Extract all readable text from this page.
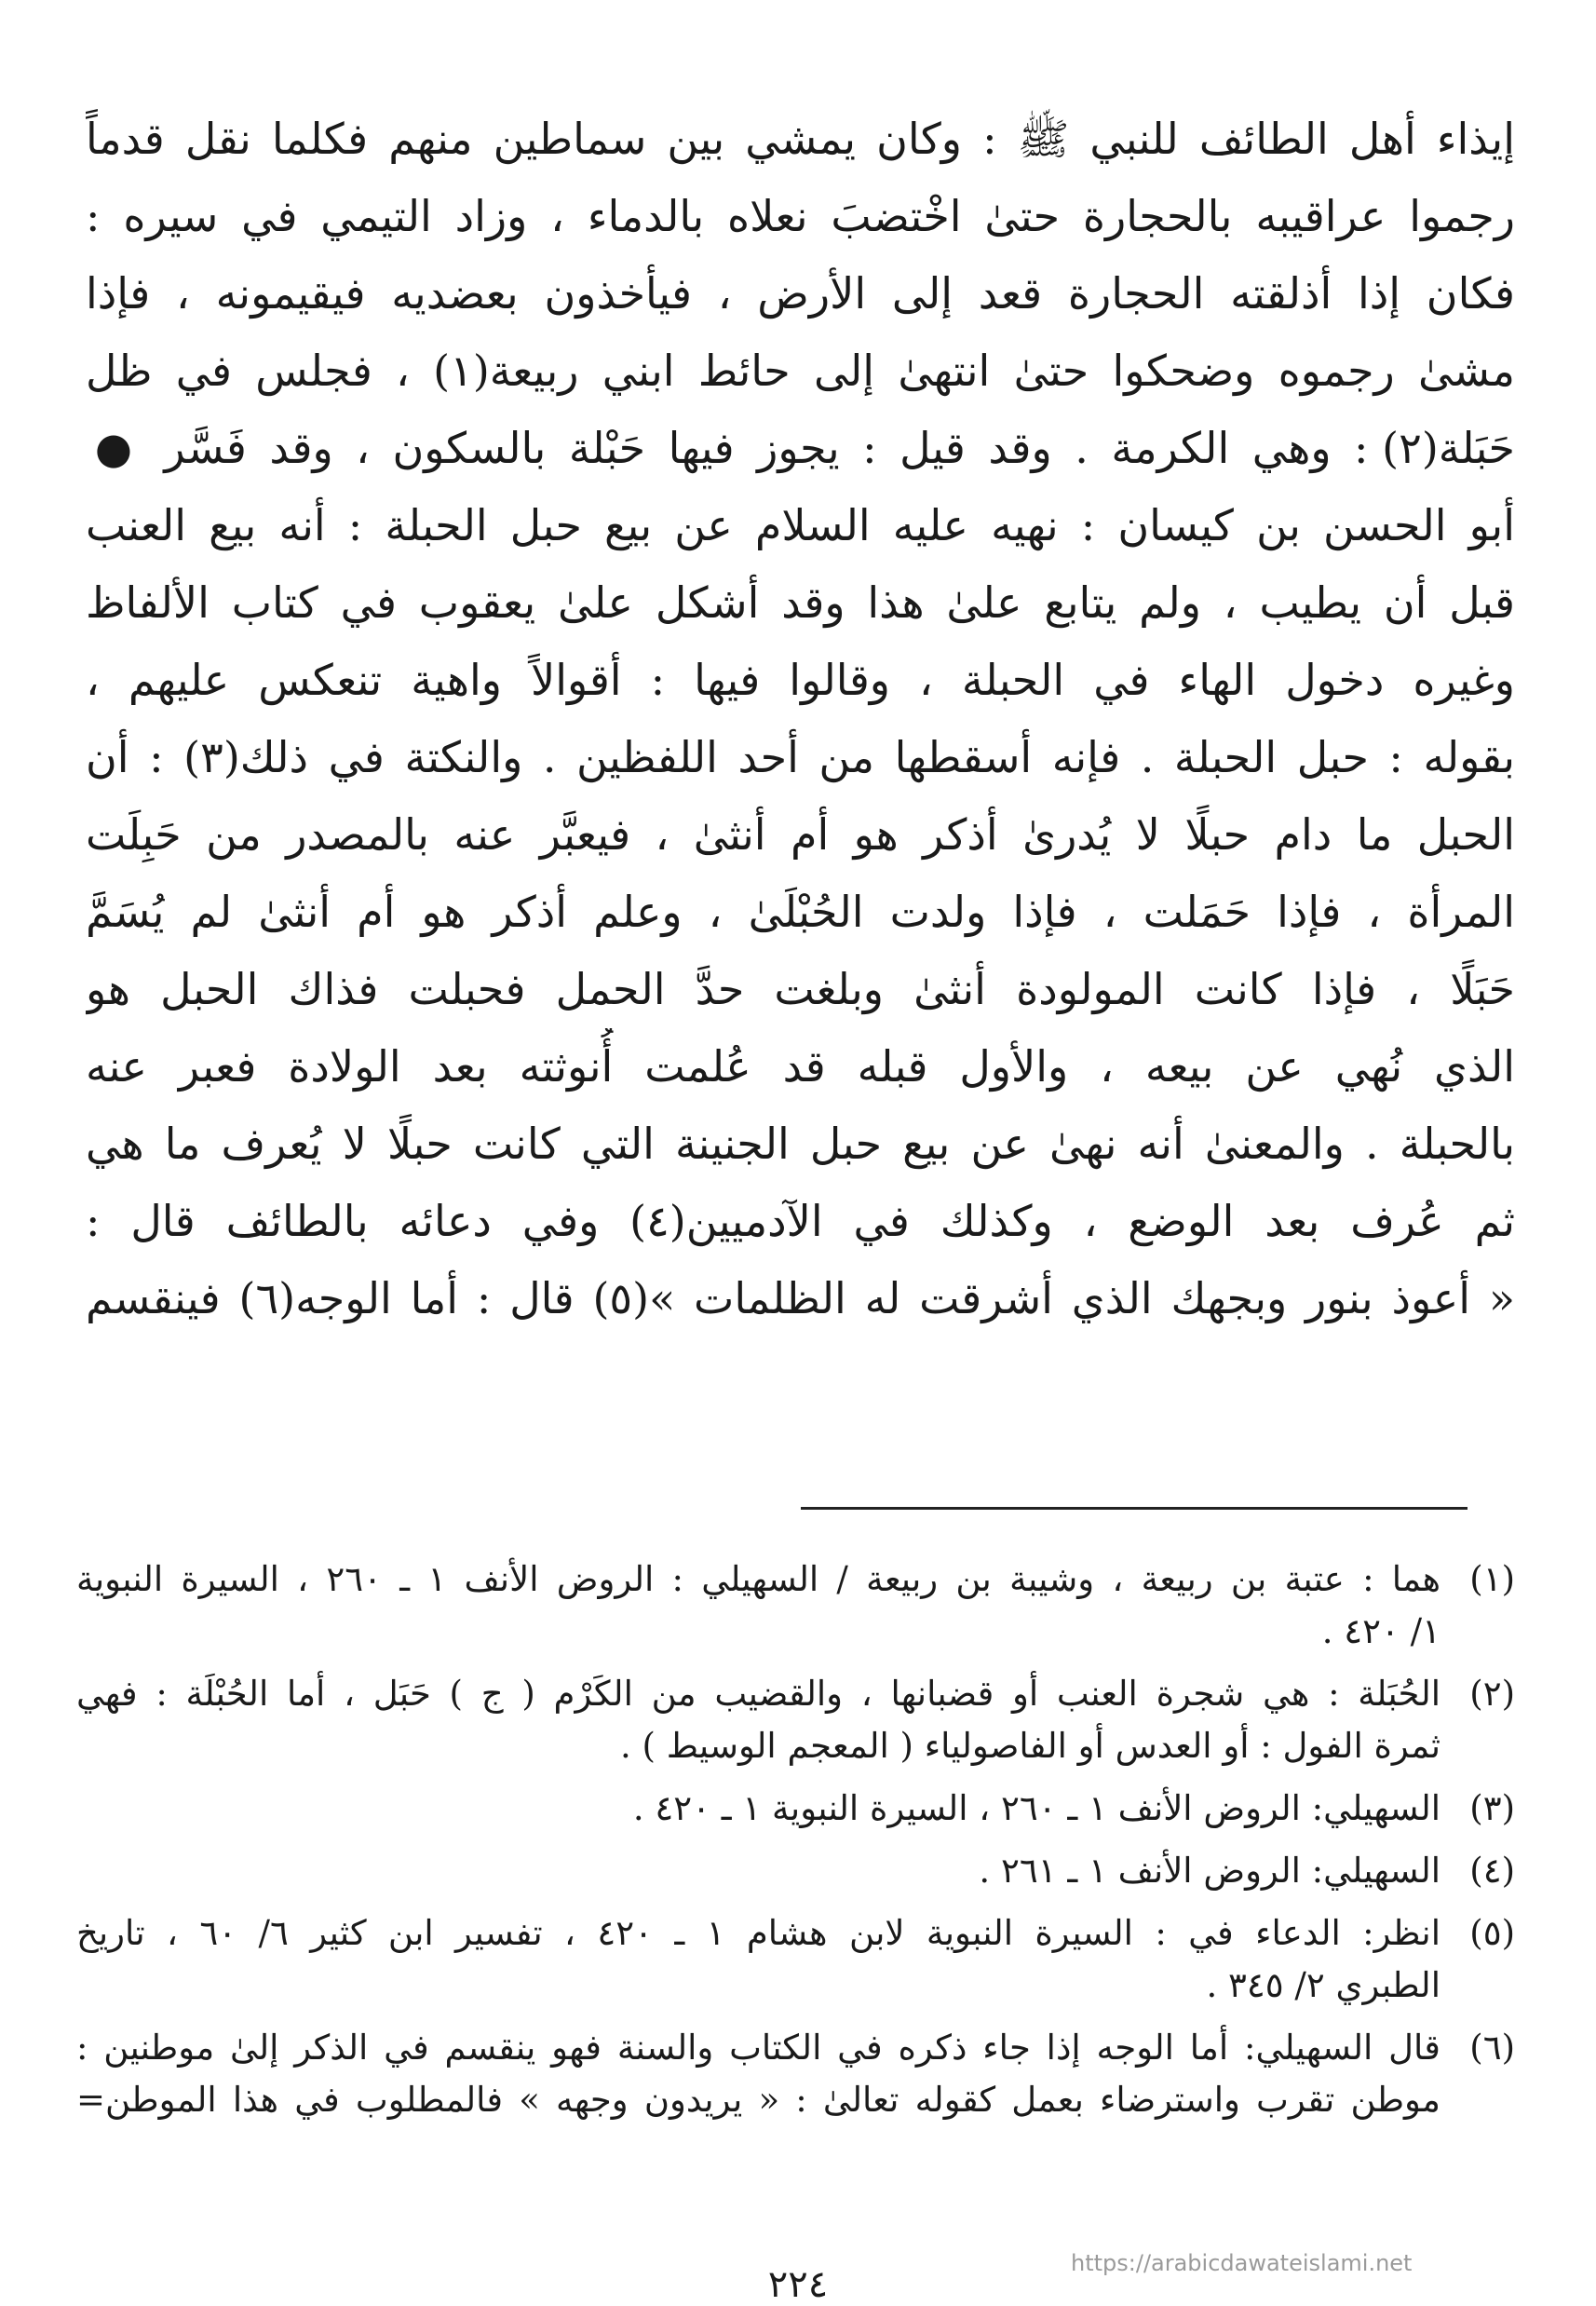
إيذاء أهل الطائف للنبي ﷺ : وكان يمشي بين سماطين منهم فكلما نقل قدماً
رجموا عراقيبه بالحجارة حتىٰ اخْتضبَ نعلاه بالدماء ، وزاد التيمي في سيره :
فكان إذا أذلقته الحجارة قعد إلى الأرض ، فيأخذون بعضديه فيقيمونه ، فإذا
مشىٰ رجموه وضحكوا حتىٰ انتهىٰ إلى حائط ابني ربيعة(١) ، فجلس في ظل
حَبَلة(٢) : وهي الكرمة . وقد قيل : يجوز فيها حَبْلة بالسكون ، وقد فَسَّر ●
أبو الحسن بن كيسان : نهيه عليه السلام عن بيع حبل الحبلة : أنه بيع العنب
قبل أن يطيب ، ولم يتابع علىٰ هذا وقد أشكل علىٰ يعقوب في كتاب الألفاظ
وغيره دخول الهاء في الحبلة ، وقالوا فيها : أقوالاً واهية تنعكس عليهم ،
بقوله : حبل الحبلة . فإنه أسقطها من أحد اللفظين . والنكتة في ذلك(٣) : أن
الحبل ما دام حبلًا لا يُدرىٰ أذكر هو أم أنثىٰ ، فيعبَّر عنه بالمصدر من حَبِلَت
المرأة ، فإذا حَمَلت ، فإذا ولدت الحُبْلَىٰ ، وعلم أذكر هو أم أنثىٰ لم يُسَمَّ
حَبَلًا ، فإذا كانت المولودة أنثىٰ وبلغت حدَّ الحمل فحبلت فذاك الحبل هو
الذي نُهي عن بيعه ، والأول قبله قد عُلمت أُنوثته بعد الولادة فعبر عنه
بالحبلة . والمعنىٰ أنه نهىٰ عن بيع حبل الجنينة التي كانت حبلًا لا يُعرف ما هي
ثم عُرف بعد الوضع ، وكذلك في الآدميين(٤) وفي دعائه بالطائف قال :
« أعوذ بنور وبجهك الذي أشرقت له الظلمات »(٥) قال : أما الوجه(٦) فينقسم
(١)
هما : عتبة بن ربيعة ، وشيبة بن ربيعة / السهيلي : الروض الأنف ١ ـ ٢٦٠ ، السيرة النبوية
١/ ٤٢٠ .
(٢)
الحُبَلة : هي شجرة العنب أو قضبانها ، والقضيب من الكَرْم ( ج ) حَبَل ، أما الحُبْلَة : فهي
ثمرة الفول : أو العدس أو الفاصولياء ( المعجم الوسيط ) .
(٣)
السهيلي: الروض الأنف ١ ـ ٢٦٠ ، السيرة النبوية ١ ـ ٤٢٠ .
(٤)
السهيلي: الروض الأنف ١ ـ ٢٦١ .
(٥)
انظر: الدعاء في : السيرة النبوية لابن هشام ١ ـ ٤٢٠ ، تفسير ابن كثير ٦/ ٦٠ ، تاريخ
الطبري ٢/ ٣٤٥ .
(٦)
قال السهيلي: أما الوجه إذا جاء ذكره في الكتاب والسنة فهو ينقسم في الذكر إلىٰ موطنين :
موطن تقرب واسترضاء بعمل كقوله تعالىٰ : « يريدون وجهه » فالمطلوب في هذا الموطن=
https://arabicdawateislami.net
٢٢٤
